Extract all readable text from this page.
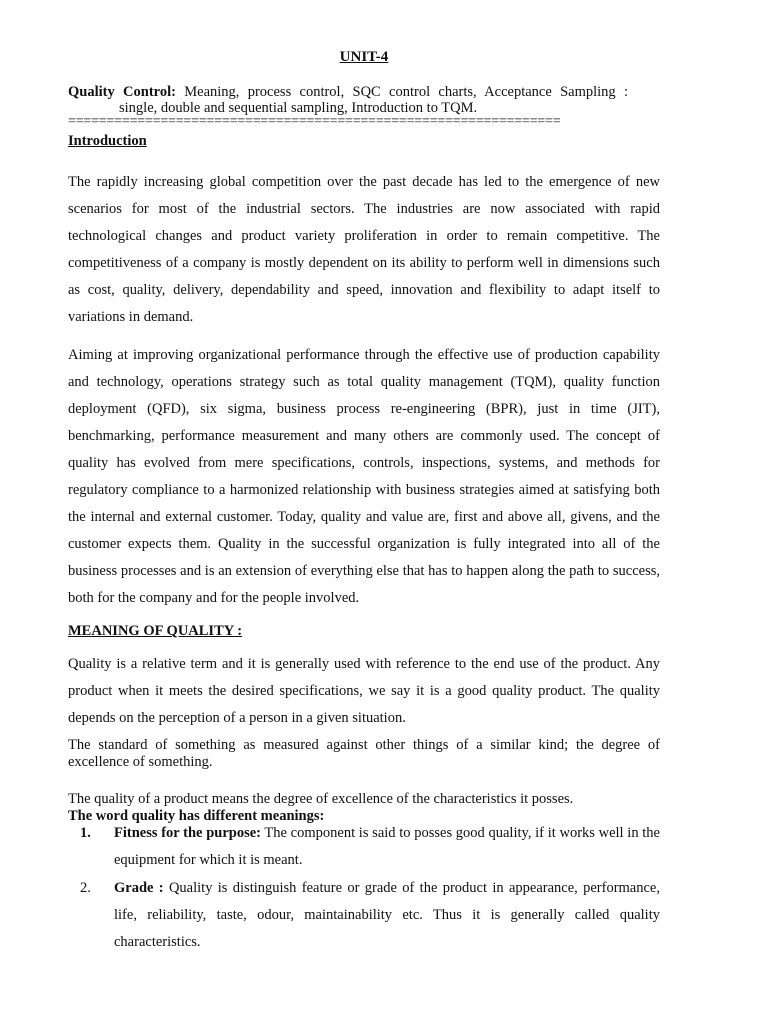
UNIT-4
Quality Control: Meaning, process control, SQC control charts, Acceptance Sampling :
single, double and sequential sampling, Introduction to TQM.
================================================================
Introduction
The rapidly increasing global competition over the past decade has led to the emergence of new scenarios for most of the industrial sectors. The industries are now associated with rapid technological changes and product variety proliferation in order to remain competitive. The competitiveness of a company is mostly dependent on its ability to perform well in dimensions such as cost, quality, delivery, dependability and speed, innovation and flexibility to adapt itself to variations in demand.
Aiming at improving organizational performance through the effective use of production capability and technology, operations strategy such as total quality management (TQM), quality function deployment (QFD), six sigma, business process re-engineering (BPR), just in time (JIT), benchmarking, performance measurement and many others are commonly used. The concept of quality has evolved from mere specifications, controls, inspections, systems, and methods for regulatory compliance to a harmonized relationship with business strategies aimed at satisfying both the internal and external customer. Today, quality and value are, first and above all, givens, and the customer expects them. Quality in the successful organization is fully integrated into all of the business processes and is an extension of everything else that has to happen along the path to success, both for the company and for the people involved.
MEANING OF QUALITY :
Quality is a relative term and it is generally used with reference to the end use of the product. Any product when it meets the desired specifications, we say it is a good quality product. The quality depends on the perception of a person in a given situation.
The standard of something as measured against other things of a similar kind; the degree of excellence of something.
The quality of a product means the degree of excellence of the characteristics it posses.
The word quality has different meanings:
1. Fitness for the purpose: The component is said to posses good quality, if it works well in the equipment for which it is meant.
2. Grade : Quality is distinguish feature or grade of the product in appearance, performance, life, reliability, taste, odour, maintainability etc. Thus it is generally called quality characteristics.
